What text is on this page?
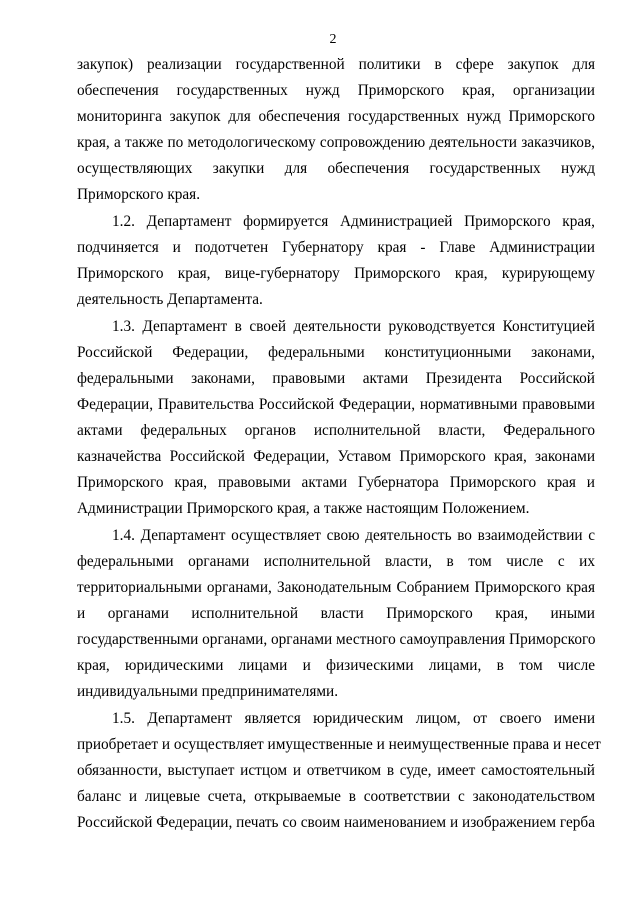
2
закупок) реализации государственной политики в сфере закупок для
обеспечения государственных нужд Приморского края, организации
мониторинга закупок для обеспечения государственных нужд Приморского
края, а также по методологическому сопровождению деятельности заказчиков,
осуществляющих закупки для обеспечения государственных нужд
Приморского края.
1.2. Департамент формируется Администрацией Приморского края,
подчиняется и подотчетен Губернатору края - Главе Администрации
Приморского края, вице-губернатору Приморского края, курирующему
деятельность Департамента.
1.3. Департамент в своей деятельности руководствуется Конституцией
Российской Федерации, федеральными конституционными законами,
федеральными законами, правовыми актами Президента Российской
Федерации, Правительства Российской Федерации, нормативными правовыми
актами федеральных органов исполнительной власти, Федерального
казначейства Российской Федерации, Уставом Приморского края, законами
Приморского края, правовыми актами Губернатора Приморского края и
Администрации Приморского края, а также настоящим Положением.
1.4. Департамент осуществляет свою деятельность во взаимодействии с
федеральными органами исполнительной власти, в том числе с их
территориальными органами, Законодательным Собранием Приморского края
и органами исполнительной власти Приморского края, иными
государственными органами, органами местного самоуправления Приморского
края, юридическими лицами и физическими лицами, в том числе
индивидуальными предпринимателями.
1.5. Департамент является юридическим лицом, от своего имени
приобретает и осуществляет имущественные и неимущественные права и несет
обязанности, выступает истцом и ответчиком в суде, имеет самостоятельный
баланс и лицевые счета, открываемые в соответствии с законодательством
Российской Федерации, печать со своим наименованием и изображением герба
